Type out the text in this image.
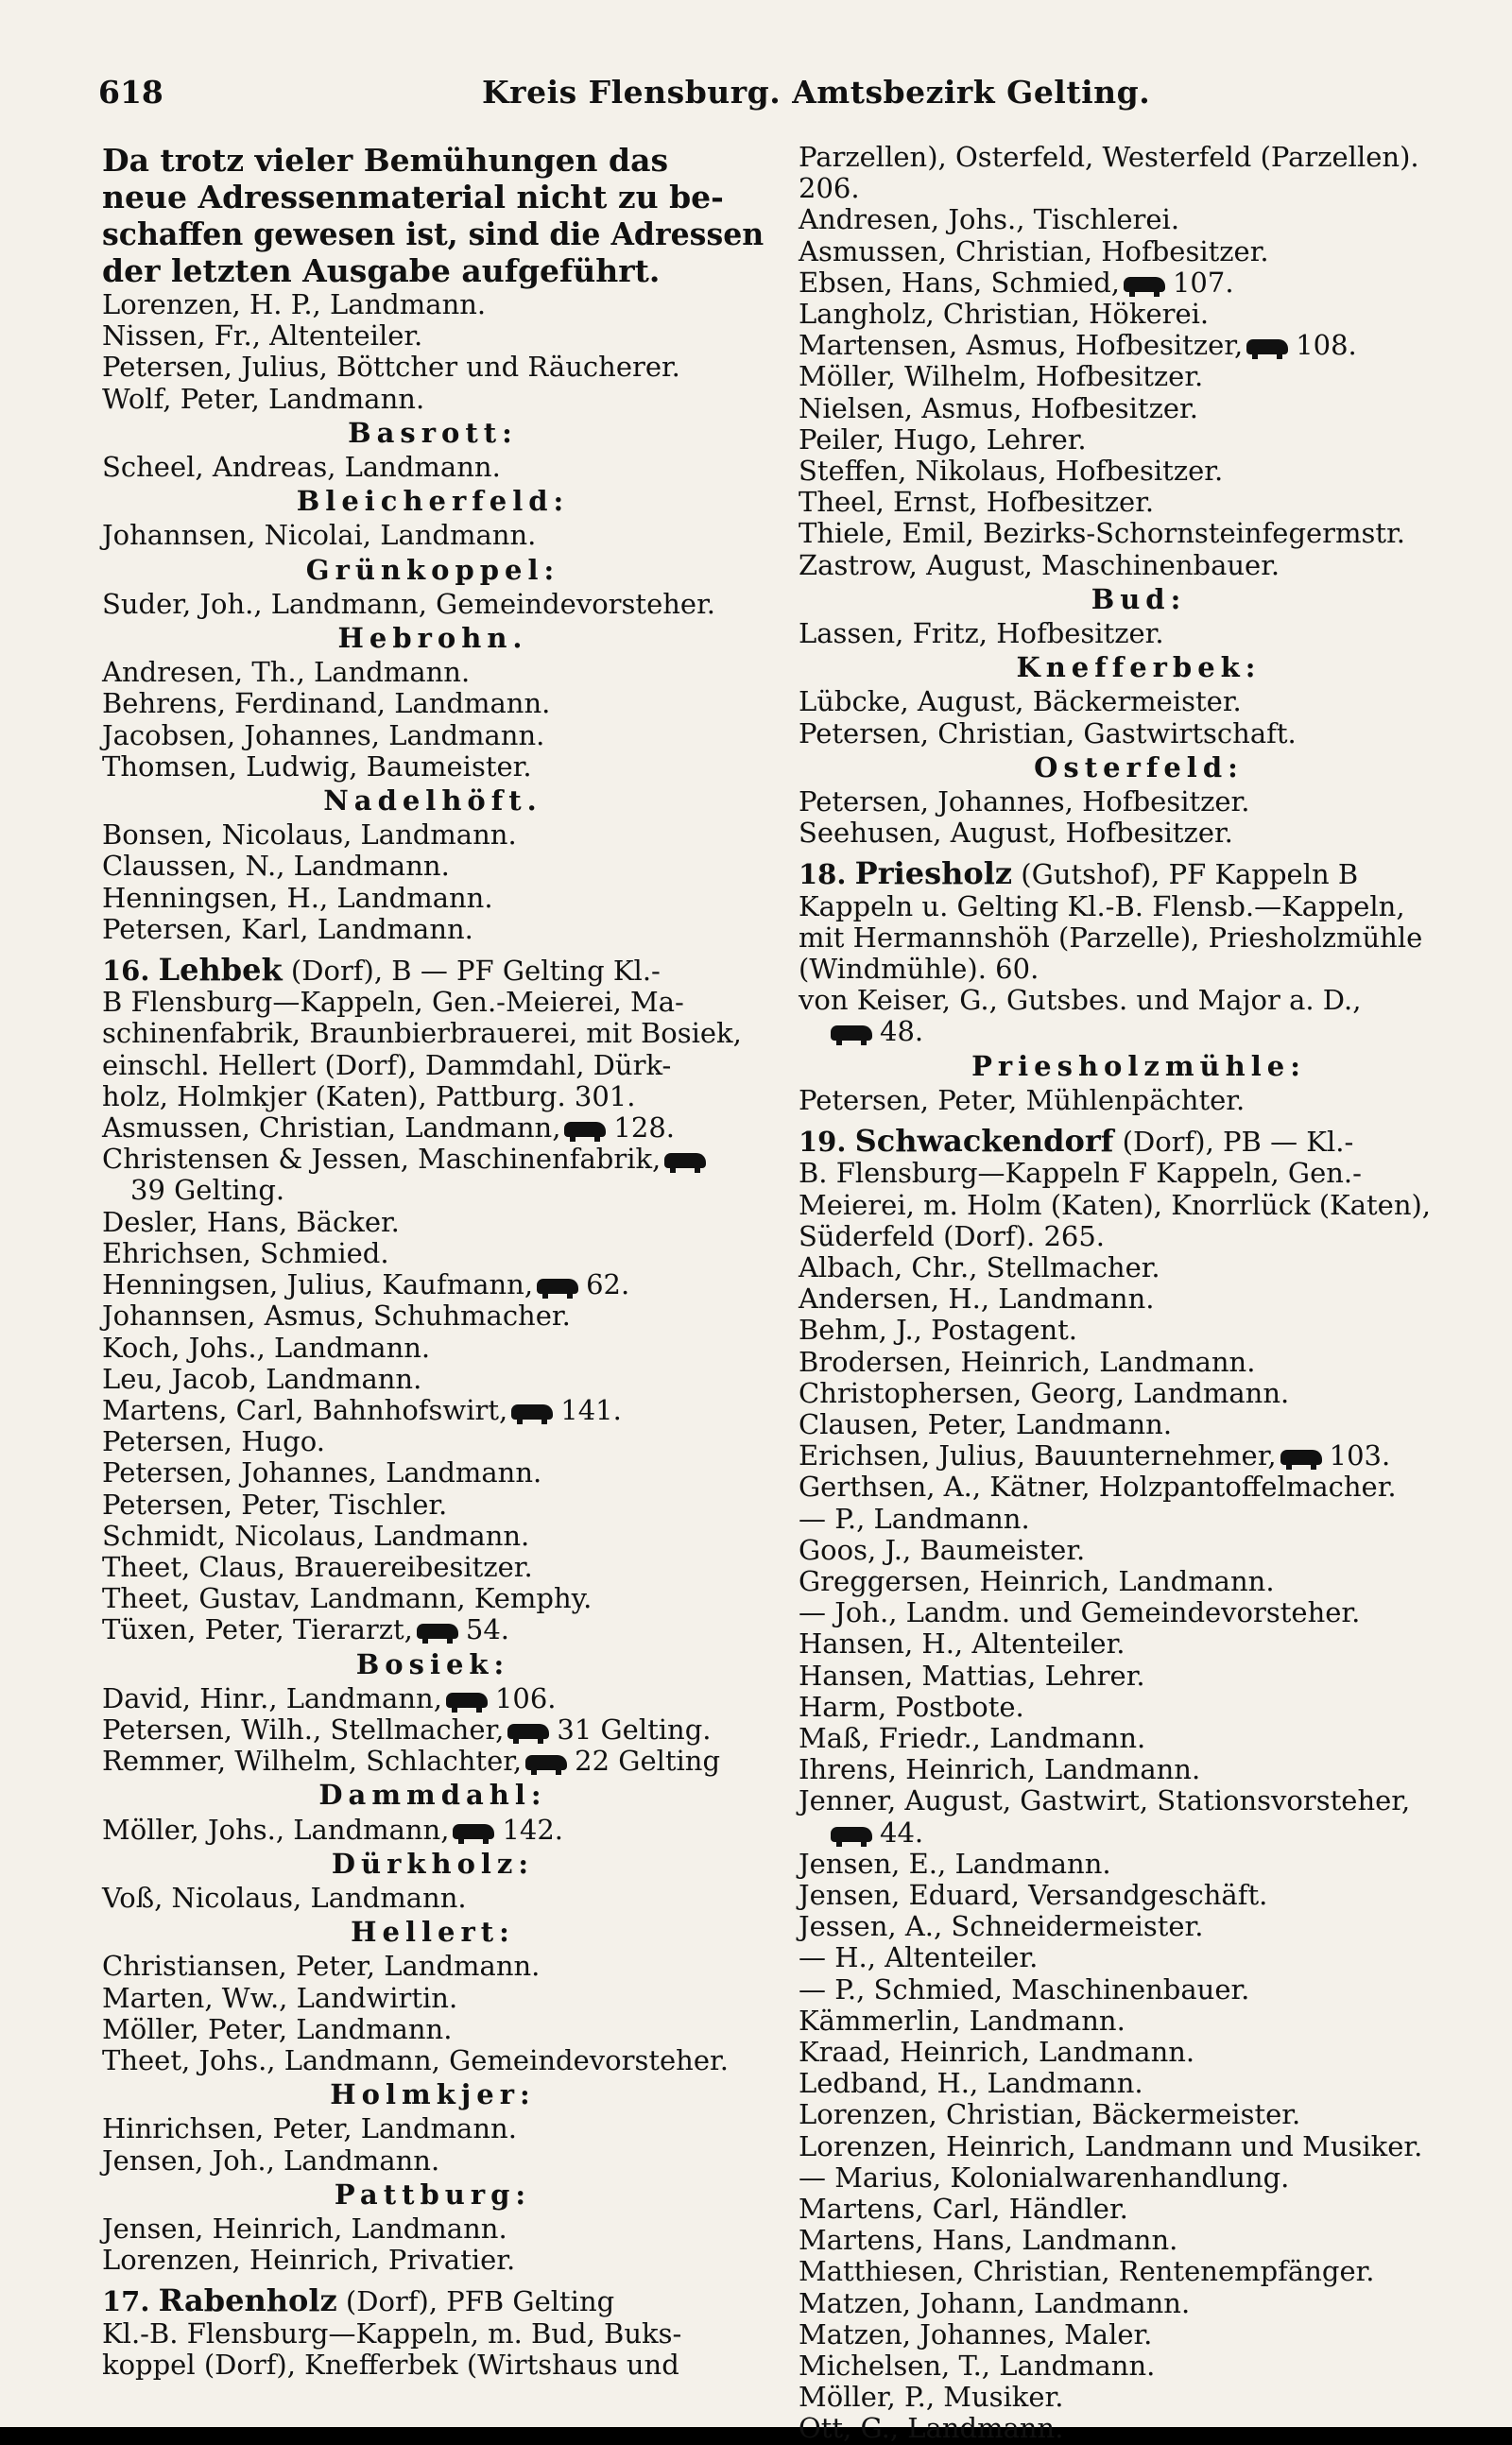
618	Kreis Flensburg. Amtsbezirk Gelting.
Da trotz vieler Bemühungen das
neue Adressenmaterial nicht zu be-
schaffen gewesen ist, sind die Adressen
der letzten Ausgabe aufgeführt.
Lorenzen, H. P., Landmann.
Nissen, Fr., Altenteiler.
Petersen, Julius, Böttcher und Räucherer.
Wolf, Peter, Landmann.
Basrott:
Scheel, Andreas, Landmann.
Bleicherfeld:
Johannsen, Nicolai, Landmann.
Grünkoppel:
Suder, Joh., Landmann, Gemeindevorsteher.
Hebrohn.
Andresen, Th., Landmann.
Behrens, Ferdinand, Landmann.
Jacobsen, Johannes, Landmann.
Thomsen, Ludwig, Baumeister.
Nadelhöft.
Bonsen, Nicolaus, Landmann.
Claussen, N., Landmann.
Henningsen, H., Landmann.
Petersen, Karl, Landmann.
16. Lehbek (Dorf), B — PF Gelting Kl.-
B Flensburg—Kappeln, Gen.-Meierei, Ma-
schinenfabrik, Braunbierbrauerei, mit Bosiek,
einschl. Hellert (Dorf), Dammdahl, Dürk-
holz, Holmkjer (Katen), Pattburg. 301.
Asmussen, Christian, Landmann, 128.
Christensen & Jessen, Maschinenfabrik,
39 Gelting.
Desler, Hans, Bäcker.
Ehrichsen, Schmied.
Henningsen, Julius, Kaufmann, 62.
Johannsen, Asmus, Schuhmacher.
Koch, Johs., Landmann.
Leu, Jacob, Landmann.
Martens, Carl, Bahnhofswirt, 141.
Petersen, Hugo.
Petersen, Johannes, Landmann.
Petersen, Peter, Tischler.
Schmidt, Nicolaus, Landmann.
Theet, Claus, Brauereibesitzer.
Theet, Gustav, Landmann, Kemphy.
Tüxen, Peter, Tierarzt, 54.
Bosiek:
David, Hinr., Landmann, 106.
Petersen, Wilh., Stellmacher, 31 Gelting.
Remmer, Wilhelm, Schlachter, 22 Gelting
Dammdahl:
Möller, Johs., Landmann, 142.
Dürkholz:
Voß, Nicolaus, Landmann.
Hellert:
Christiansen, Peter, Landmann.
Marten, Ww., Landwirtin.
Möller, Peter, Landmann.
Theet, Johs., Landmann, Gemeindevorsteher.
Holmkjer:
Hinrichsen, Peter, Landmann.
Jensen, Joh., Landmann.
Pattburg:
Jensen, Heinrich, Landmann.
Lorenzen, Heinrich, Privatier.
17. Rabenholz (Dorf), PFB Gelting
Kl.-B. Flensburg—Kappeln, m. Bud, Buks-
koppel (Dorf), Knefferbek (Wirtshaus und
Parzellen), Osterfeld, Westerfeld (Parzellen).
206.
Andresen, Johs., Tischlerei.
Asmussen, Christian, Hofbesitzer.
Ebsen, Hans, Schmied, 107.
Langholz, Christian, Hökerei.
Martensen, Asmus, Hofbesitzer, 108.
Möller, Wilhelm, Hofbesitzer.
Nielsen, Asmus, Hofbesitzer.
Peiler, Hugo, Lehrer.
Steffen, Nikolaus, Hofbesitzer.
Theel, Ernst, Hofbesitzer.
Thiele, Emil, Bezirks-Schornsteinfegermstr.
Zastrow, August, Maschinenbauer.
Bud:
Lassen, Fritz, Hofbesitzer.
Knefferbek:
Lübcke, August, Bäckermeister.
Petersen, Christian, Gastwirtschaft.
Osterfeld:
Petersen, Johannes, Hofbesitzer.
Seehusen, August, Hofbesitzer.
18. Priesholz (Gutshof), PF Kappeln B
Kappeln u. Gelting Kl.-B. Flensb.—Kappeln,
mit Hermannshöh (Parzelle), Priesholzmühle
(Windmühle). 60.
von Keiser, G., Gutsbes. und Major a. D.,
48.
Priesholzmühle:
Petersen, Peter, Mühlenpächter.
19. Schwackendorf (Dorf), PB — Kl.-
B. Flensburg—Kappeln F Kappeln, Gen.-
Meierei, m. Holm (Katen), Knorrlück (Katen),
Süderfeld (Dorf). 265.
Albach, Chr., Stellmacher.
Andersen, H., Landmann.
Behm, J., Postagent.
Brodersen, Heinrich, Landmann.
Christophersen, Georg, Landmann.
Clausen, Peter, Landmann.
Erichsen, Julius, Bauunternehmer, 103.
Gerthsen, A., Kätner, Holzpantoffelmacher.
— P., Landmann.
Goos, J., Baumeister.
Greggersen, Heinrich, Landmann.
— Joh., Landm. und Gemeindevorsteher.
Hansen, H., Altenteiler.
Hansen, Mattias, Lehrer.
Harm, Postbote.
Maß, Friedr., Landmann.
Ihrens, Heinrich, Landmann.
Jenner, August, Gastwirt, Stationsvorsteher,
44.
Jensen, E., Landmann.
Jensen, Eduard, Versandgeschäft.
Jessen, A., Schneidermeister.
— H., Altenteiler.
— P., Schmied, Maschinenbauer.
Kämmerlin, Landmann.
Kraad, Heinrich, Landmann.
Ledband, H., Landmann.
Lorenzen, Christian, Bäckermeister.
Lorenzen, Heinrich, Landmann und Musiker.
— Marius, Kolonialwarenhandlung.
Martens, Carl, Händler.
Martens, Hans, Landmann.
Matthiesen, Christian, Rentenempfänger.
Matzen, Johann, Landmann.
Matzen, Johannes, Maler.
Michelsen, T., Landmann.
Möller, P., Musiker.
Ott, G., Landmann.
